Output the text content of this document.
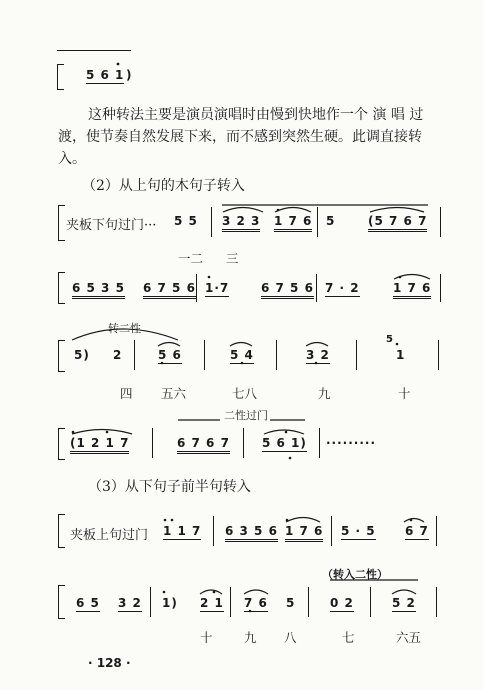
5 6 1 )
这种转法主要是演员演唱时由慢到快地作一个 演 唱 过
渡，使节奏自然发展下来，而不感到突然生硬。此调直接转
入。
（2）从上句的木句子转入
夹板下句过门··· 5 5 3 2 3 1 7 6 5	(5 7 6 7
一二 三
6 5 3 5 6 7 5 6 1·7	6 7 5 6 7 · 2	1 7 6
转二性
5) 2	5 6	5 4	3 2
5
1
四 五六	七八	九	十
二性过门
(1 2 1 7	6 7 6 7	5 6 1) ·········
（3）从下句子前半句转入
夹板上句过门 1 1 7 6 3 5 6 1 7 6 5 · 5 6 7
（转入二性）
6 5 3 2 1) 2 1 7 6 5	0 2	5 2
十	九 八	七	六五
· 128 ·
